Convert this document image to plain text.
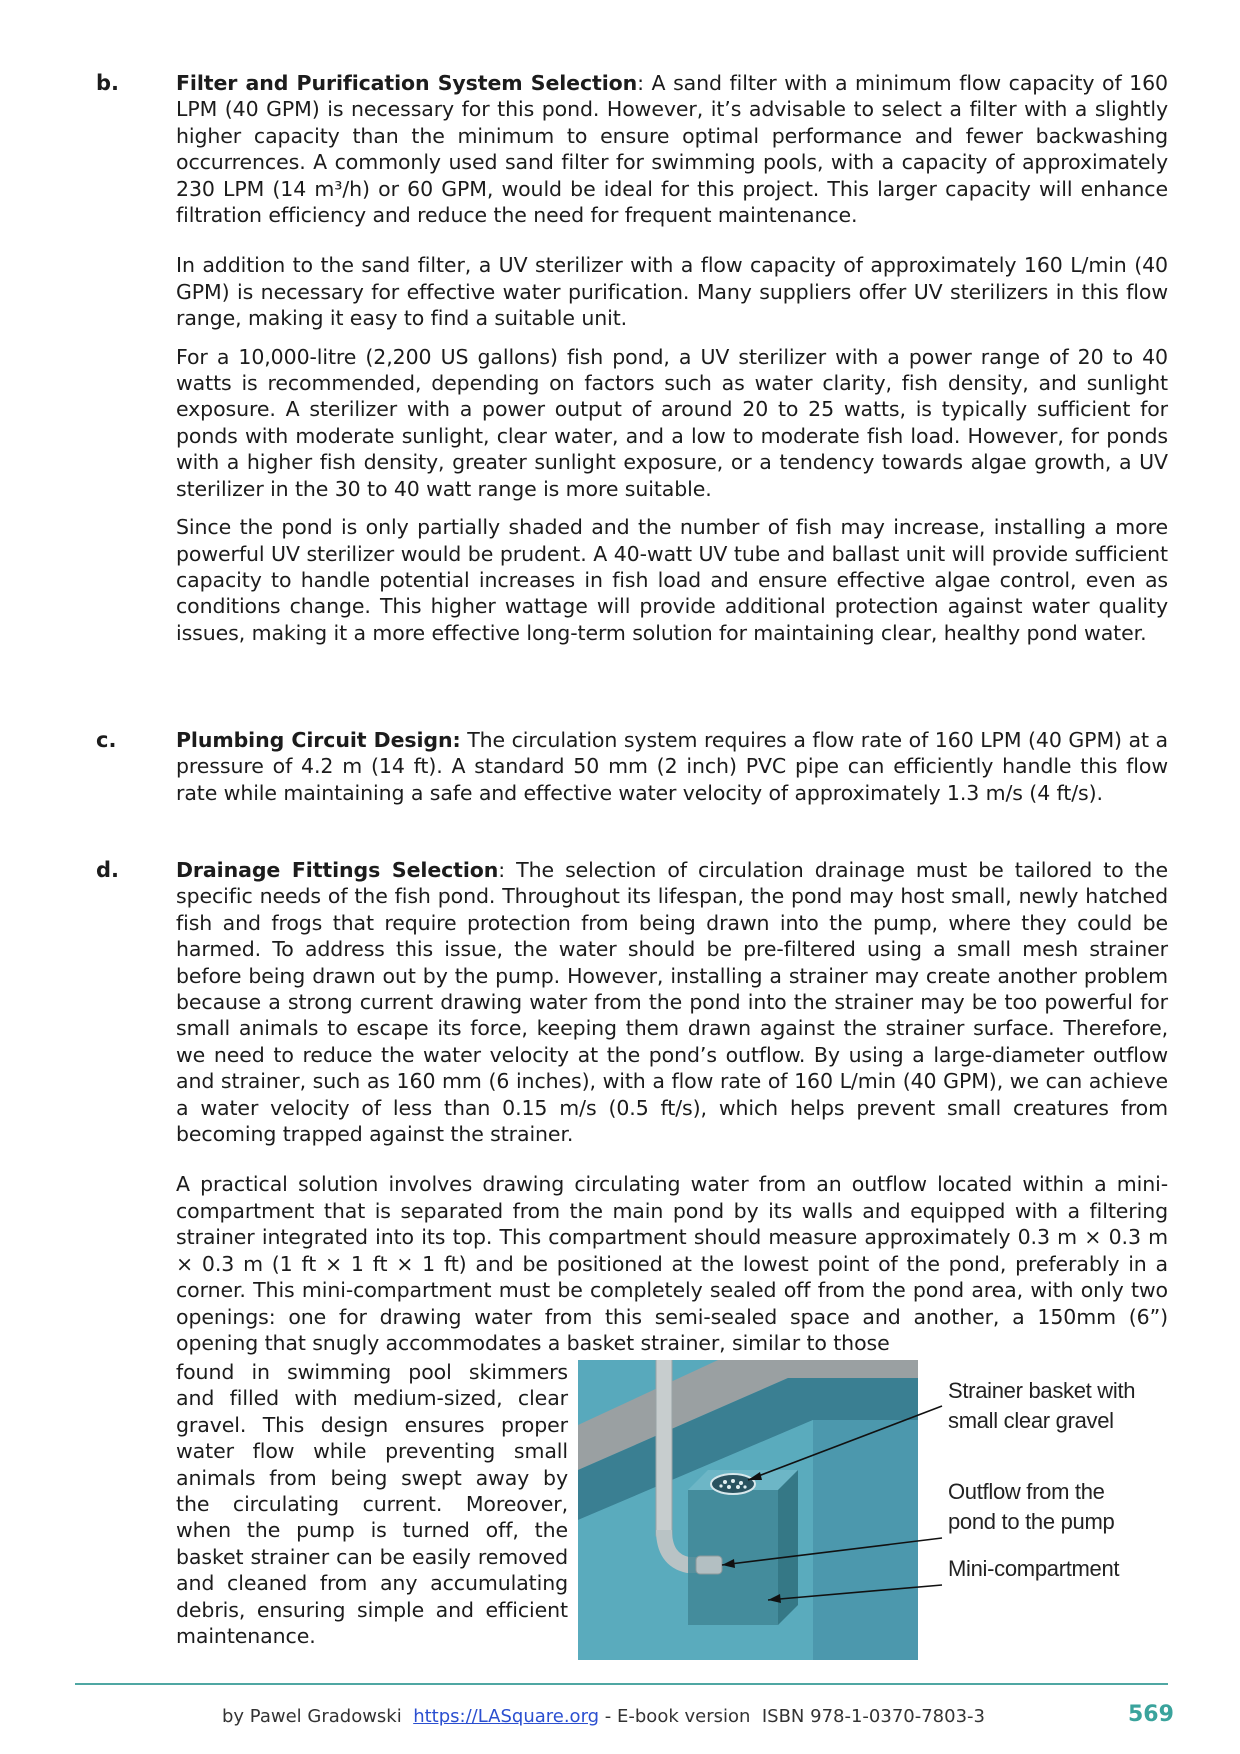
b.	Filter and Purification System Selection: A sand filter with a minimum flow capacity of 160 LPM (40 GPM) is necessary for this pond. However, it’s advisable to select a filter with a slightly higher capacity than the minimum to ensure optimal performance and fewer backwashing occurrences. A commonly used sand filter for swimming pools, with a capacity of approximately 230 LPM (14 m³/h) or 60 GPM, would be ideal for this project. This larger capacity will enhance filtration efficiency and reduce the need for frequent maintenance.

In addition to the sand filter, a UV sterilizer with a flow capacity of approximately 160 L/min (40 GPM) is necessary for effective water purification. Many suppliers offer UV sterilizers in this flow range, making it easy to find a suitable unit.

For a 10,000-litre (2,200 US gallons) fish pond, a UV sterilizer with a power range of 20 to 40 watts is recommended, depending on factors such as water clarity, fish density, and sunlight exposure. A sterilizer with a power output of around 20 to 25 watts, is typically sufficient for ponds with moderate sunlight, clear water, and a low to moderate fish load. However, for ponds with a higher fish density, greater sunlight exposure, or a tendency towards algae growth, a UV sterilizer in the 30 to 40 watt range is more suitable.

Since the pond is only partially shaded and the number of fish may increase, installing a more powerful UV sterilizer would be prudent. A 40-watt UV tube and ballast unit will provide sufficient capacity to handle potential increases in fish load and ensure effective algae control, even as conditions change. This higher wattage will provide additional protection against water quality issues, making it a more effective long-term solution for maintaining clear, healthy pond water.

c.	Plumbing Circuit Design: The circulation system requires a flow rate of 160 LPM (40 GPM) at a pressure of 4.2 m (14 ft). A standard 50 mm (2 inch) PVC pipe can efficiently handle this flow rate while maintaining a safe and effective water velocity of approximately 1.3 m/s (4 ft/s).

d.	Drainage Fittings Selection: The selection of circulation drainage must be tailored to the specific needs of the fish pond. Throughout its lifespan, the pond may host small, newly hatched fish and frogs that require protection from being drawn into the pump, where they could be harmed. To address this issue, the water should be pre-filtered using a small mesh strainer before being drawn out by the pump. However, installing a strainer may create another problem because a strong current drawing water from the pond into the strainer may be too powerful for small animals to escape its force, keeping them drawn against the strainer surface. Therefore, we need to reduce the water velocity at the pond’s outflow. By using a large-diameter outflow and strainer, such as 160 mm (6 inches), with a flow rate of 160 L/min (40 GPM), we can achieve a water velocity of less than 0.15 m/s (0.5 ft/s), which helps prevent small creatures from becoming trapped against the strainer.

A practical solution involves drawing circulating water from an outflow located within a mini-compartment that is separated from the main pond by its walls and equipped with a filtering strainer integrated into its top. This compartment should measure approximately 0.3 m × 0.3 m × 0.3 m (1 ft × 1 ft × 1 ft) and be positioned at the lowest point of the pond, preferably in a corner. This mini-compartment must be completely sealed off from the pond area, with only two openings: one for drawing water from this semi-sealed space and another, a 150mm (6”) opening that snugly accommodates a basket strainer, similar to those

found in swimming pool skimmers and filled with medium-sized, clear gravel. This design ensures proper water flow while preventing small animals from being swept away by the circulating current. Moreover, when the pump is turned off, the basket strainer can be easily removed and cleaned from any accumulating debris, ensuring simple and efficient maintenance.

Strainer basket with
small clear gravel
Outflow from the
pond to the pump
Mini-compartment
by Pawel Gradowski  https://LASquare.org - E-book version  ISBN 978-1-0370-7803-3	569
